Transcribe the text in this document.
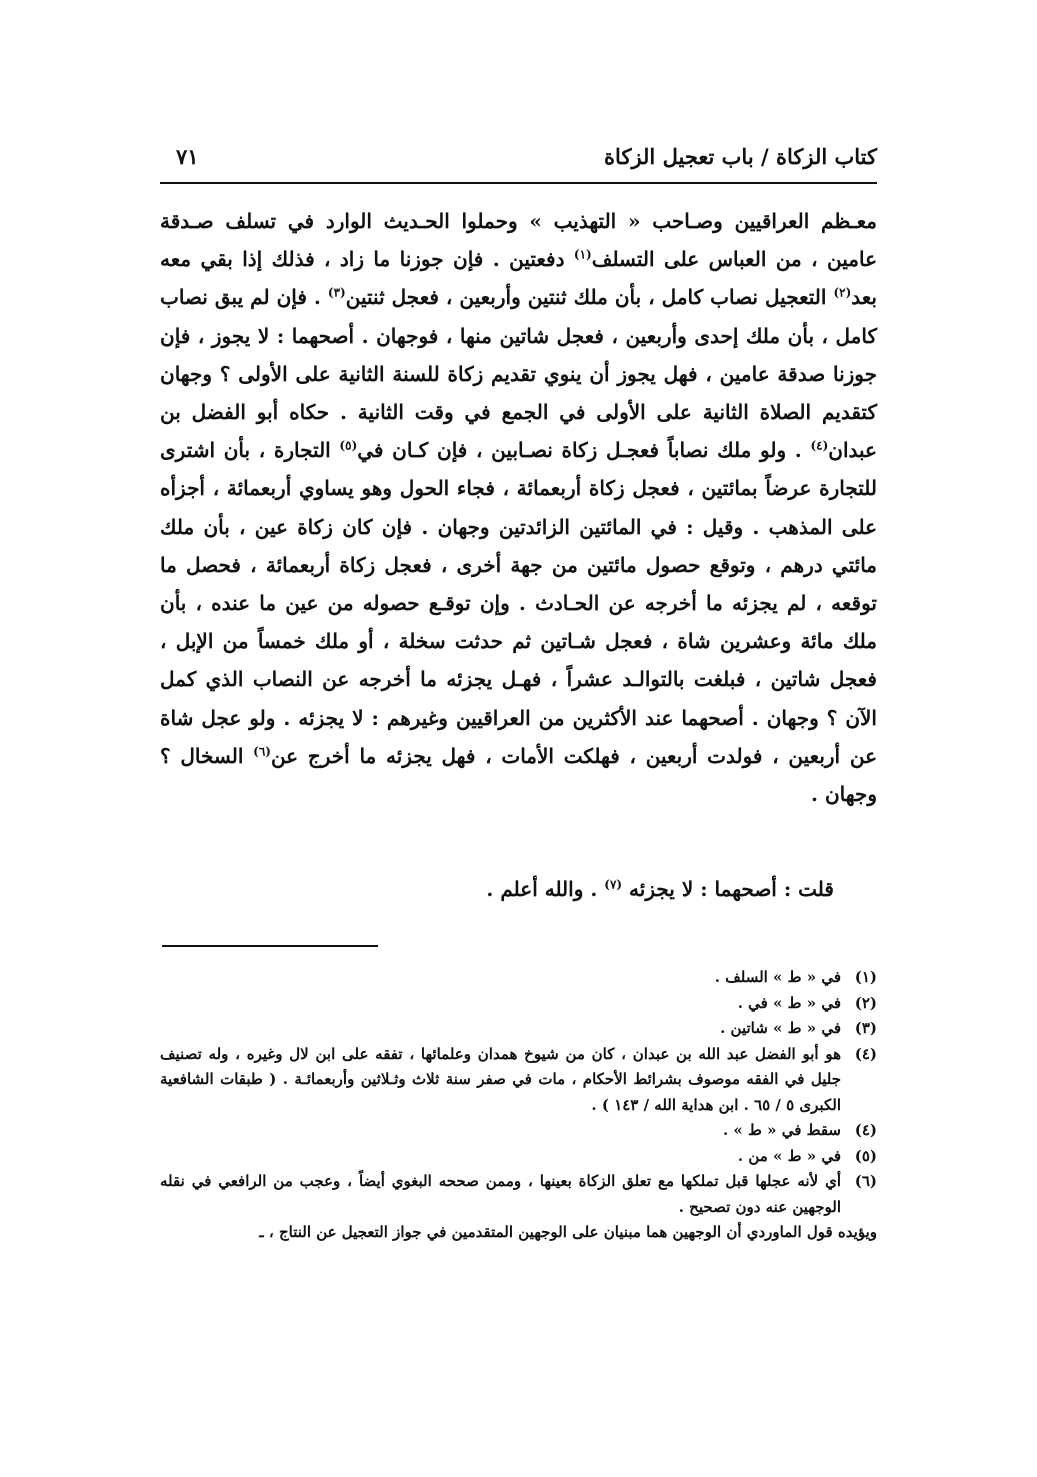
كتاب الزكاة / باب تعجيل الزكاة
٧١

معـظم العراقيين وصـاحب « التهذيب » وحملوا الحـديث الوارد في تسلف صـدقة عامين ، من العباس على التسلف$^{(١)}$ دفعتين . فإن جوزنا ما زاد ، فذلك إذا بقي معه بعد$^{(٢)}$ التعجيل نصاب كامل ، بأن ملك ثنتين وأربعين ، فعجل ثنتين$^{(٣)}$ . فإن لم يبق نصاب كامل ، بأن ملك إحدى وأربعين ، فعجل شاتين منها ، فوجهان . أصحهما : لا يجوز ، فإن جوزنا صدقة عامين ، فهل يجوز أن ينوي تقديم زكاة للسنة الثانية على الأولى ؟ وجهان كتقديم الصلاة الثانية على الأولى في الجمع في وقت الثانية . حكاه أبو الفضل بن عبدان$^{(٤)}$ . ولو ملك نصاباً فعجـل زكاة نصـابين ، فإن كـان في$^{(٥)}$ التجارة ، بأن اشترى للتجارة عرضاً بمائتين ، فعجل زكاة أربعمائة ، فجاء الحول وهو يساوي أربعمائة ، أجزأه على المذهب . وقيل : في المائتين الزائدتين وجهان . فإن كان زكاة عين ، بأن ملك مائتي درهم ، وتوقع حصول مائتين من جهة أخرى ، فعجل زكاة أربعمائة ، فحصل ما توقعه ، لم يجزئه ما أخرجه عن الحـادث . وإن توقـع حصوله من عين ما عنده ، بأن ملك مائة وعشرين شاة ، فعجل شـاتين ثم حدثت سخلة ، أو ملك خمساً من الإبل ، فعجل شاتين ، فبلغت بالتوالـد عشراً ، فهـل يجزئه ما أخرجه عن النصاب الذي كمل الآن ؟ وجهان . أصحهما عند الأكثرين من العراقيين وغيرهم : لا يجزئه . ولو عجل شاة عن أربعين ، فولدت أربعين ، فهلكت الأمات ، فهل يجزئه ما أخرج عن$^{(٦)}$ السخال ؟ وجهان .

قلت : أصحهما : لا يجزئه $^{(٧)}$ . والله أعلم .

(١)
في « ط » السلف .
(٢)
في « ط » في .
(٣)
في « ط » شاتين .
(٤)
هو أبو الفضل عبد الله بن عبدان ، كان من شيوخ همدان وعلمائها ، تفقه على ابن لال وغيره ، وله تصنيف جليل في الفقه موصوف بشرائط الأحكام ، مات في صفر سنة ثلاث وثـلاثين وأربعمائـة . ( طبقات الشافعية الكبرى ٥ / ٦٥ . ابن هداية الله / ١٤٣ ) .
(٤)
سقط في « ط » .
(٥)
في « ط » من .
(٦)
أي لأنه عجلها قبل تملكها مع تعلق الزكاة بعينها ، وممن صححه البغوي أيضاً ، وعجب من الرافعي في نقله الوجهين عنه دون تصحيح .
ويؤيده قول الماوردي أن الوجهين هما مبنيان على الوجهين المتقدمين في جواز التعجيل عن النتاج ، ـ
